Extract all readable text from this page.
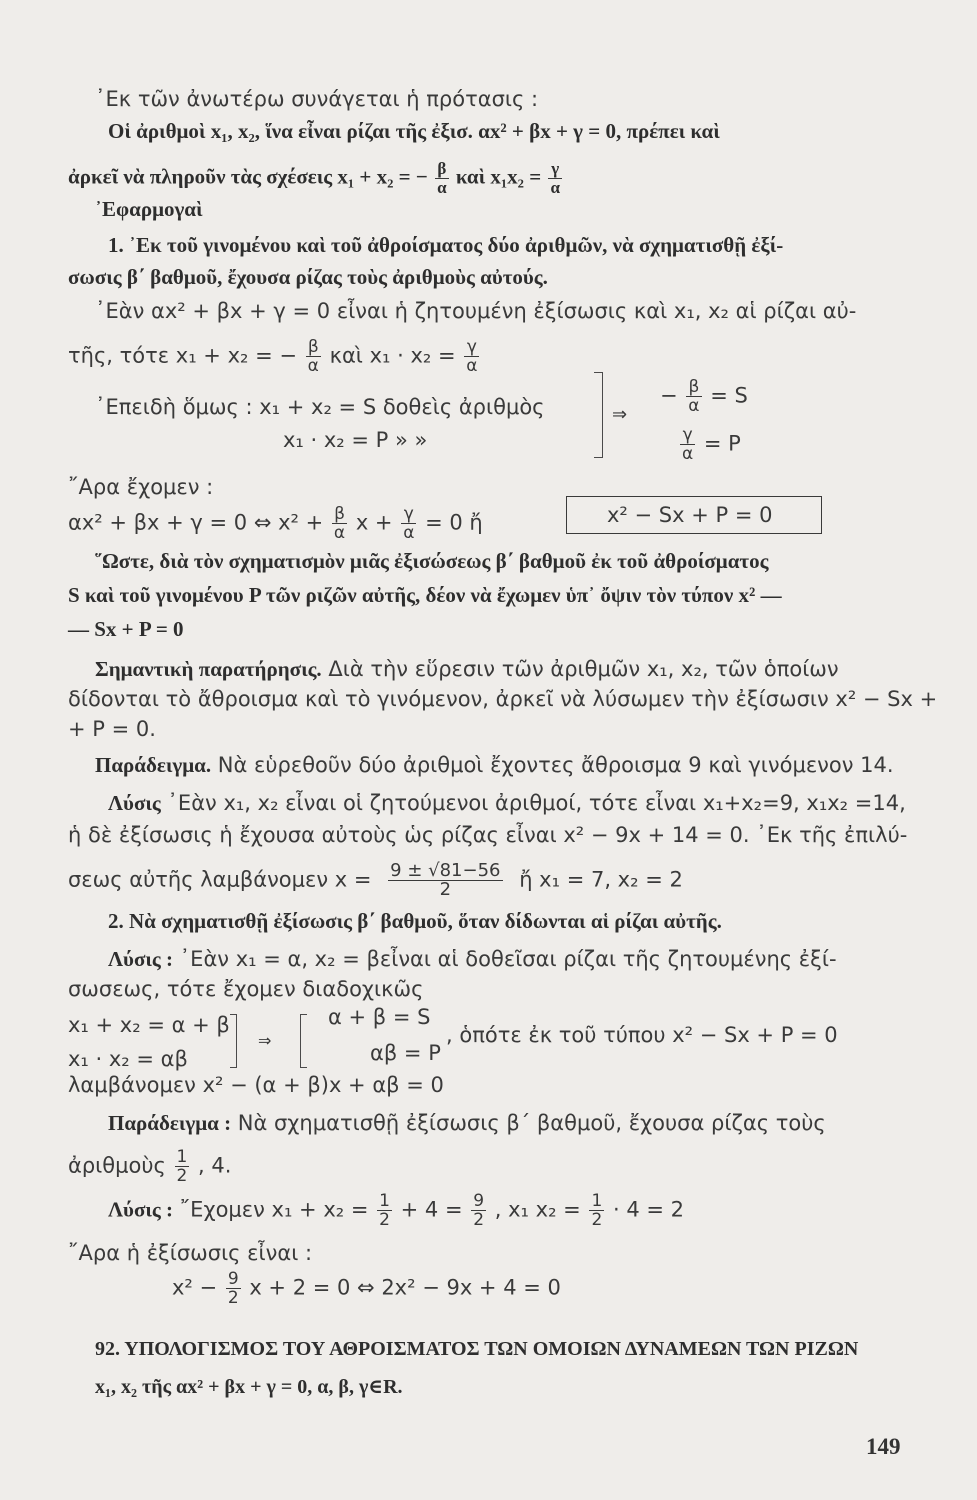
᾽Εκ τῶν ἀνωτέρω συνάγεται ἡ πρότασις :
Οἱ ἀριθμοὶ x₁, x₂, ἵνα εἶναι ρίζαι τῆς ἐξισ. αx² + βx + γ = 0, πρέπει καὶ
ἀρκεῖ νὰ πληροῦν τὰς σχέσεις x₁ + x₂ = − $\frac{\beta}{\alpha}$ καὶ $x_1x_2 = \frac{\gamma}{\alpha}$
᾽Εφαρμογαὶ
1. ᾽Εκ τοῦ γινομένου καὶ τοῦ ἀθροίσματος δύο ἀριθμῶν, νὰ σχηματισθῇ ἐξί-
σωσις β΄ βαθμοῦ, ἔχουσα ρίζας τοὺς ἀριθμοὺς αὐτούς.
᾽Εὰν αx² + βx + γ = 0 εἶναι ἡ ζητουμένη ἐξίσωσις καὶ x₁, x₂ αἱ ρίζαι αὐ-
τῆς, τότε x₁ + x₂ = − $\frac{\beta}{\alpha}$ καὶ $x_1 \cdot x_2 = \frac{\gamma}{\alpha}$
᾽Επειδὴ ὅμως : x₁ + x₂ = S δοθεὶς ἀριθμὸς
x₁ · x₂ = P » »
⇒
− $\frac{\beta}{\alpha} = S$
$\frac{\gamma}{\alpha} = P$
῎Αρα ἔχομεν :
αx² + βx + γ = 0 ⇔ $x^2 + \frac{\beta}{\alpha}$ $x + \frac{\gamma}{\alpha} = 0$ ἤ	x² − Sx + P = 0
῞Ωστε, διὰ τὸν σχηματισμὸν μιᾶς ἐξισώσεως β΄ βαθμοῦ ἐκ τοῦ ἀθροίσματος
S καὶ τοῦ γινομένου P τῶν ριζῶν αὐτῆς, δέον νὰ ἔχωμεν ὑπ᾽ ὄψιν τὸν τύπον x² —
— Sx + P = 0
Σημαντικὴ παρατήρησις. Διὰ τὴν εὕρεσιν τῶν ἀριθμῶν x₁, x₂, τῶν ὁποίων
δίδονται τὸ ἄθροισμα καὶ τὸ γινόμενον, ἀρκεῖ νὰ λύσωμεν τὴν ἐξίσωσιν x² − Sx +
+ P = 0.
Παράδειγμα. Νὰ εὑρεθοῦν δύο ἀριθμοὶ ἔχοντες ἄθροισμα 9 καὶ γινόμενον 14.
Λύσις ᾽Εὰν x₁, x₂ εἶναι οἱ ζητούμενοι ἀριθμοί, τότε εἶναι x₁+x₂=9, x₁x₂ =14,
ἡ δὲ ἐξίσωσις ἡ ἔχουσα αὐτοὺς ὡς ρίζας εἶναι x² − 9x + 14 = 0. ᾽Εκ τῆς ἐπιλύ-
σεως αὐτῆς λαμβάνομεν $x = \frac{9 \pm √81-56}{2}$ ἤ x₁ = 7, x₂ = 2
2. Νὰ σχηματισθῇ ἐξίσωσις β΄ βαθμοῦ, ὅταν δίδωνται αἱ ρίζαι αὐτῆς.
Λύσις : ᾽Εὰν x₁ = α, x₂ = βεἶναι αἱ δοθεῖσαι ρίζαι τῆς ζητουμένης ἐξί-
σωσεως, τότε ἔχομεν διαδοχικῶς
x₁ + x₂ = α + β
x₁ · x₂ = αβ
⇒
α + β = S
αβ = P
, ὁπότε ἐκ τοῦ τύπου x² − Sx + P = 0
λαμβάνομεν x² − (α + β)x + αβ = 0
Παράδειγμα : Νὰ σχηματισθῇ ἐξίσωσις β΄ βαθμοῦ, ἔχουσα ρίζας τοὺς
ἀριθμοὺς $\frac{1}{2}$ , 4.
Λύσις : ῎Εχομεν $x_1 + x_2 = \frac{1}{2} + 4 = \frac{9}{2}$ , x₁ $x_2 = \frac{1}{2} \cdot 4 = 2$
῎Αρα ἡ ἐξίσωσις εἶναι :
$x^2 - \frac{9}{2}$ x + 2 = 0 ⇔ 2x² − 9x + 4 = 0
92. ΥΠΟΛΟΓΙΣΜΟΣ ΤΟΥ ΑΘΡΟΙΣΜΑΤΟΣ ΤΩΝ ΟΜΟΙΩΝ ΔΥΝΑΜΕΩΝ ΤΩΝ ΡΙΖΩΝ
x₁, x₂ τῆς αx² + βx + γ = 0, α, β, γ∈R.
149
